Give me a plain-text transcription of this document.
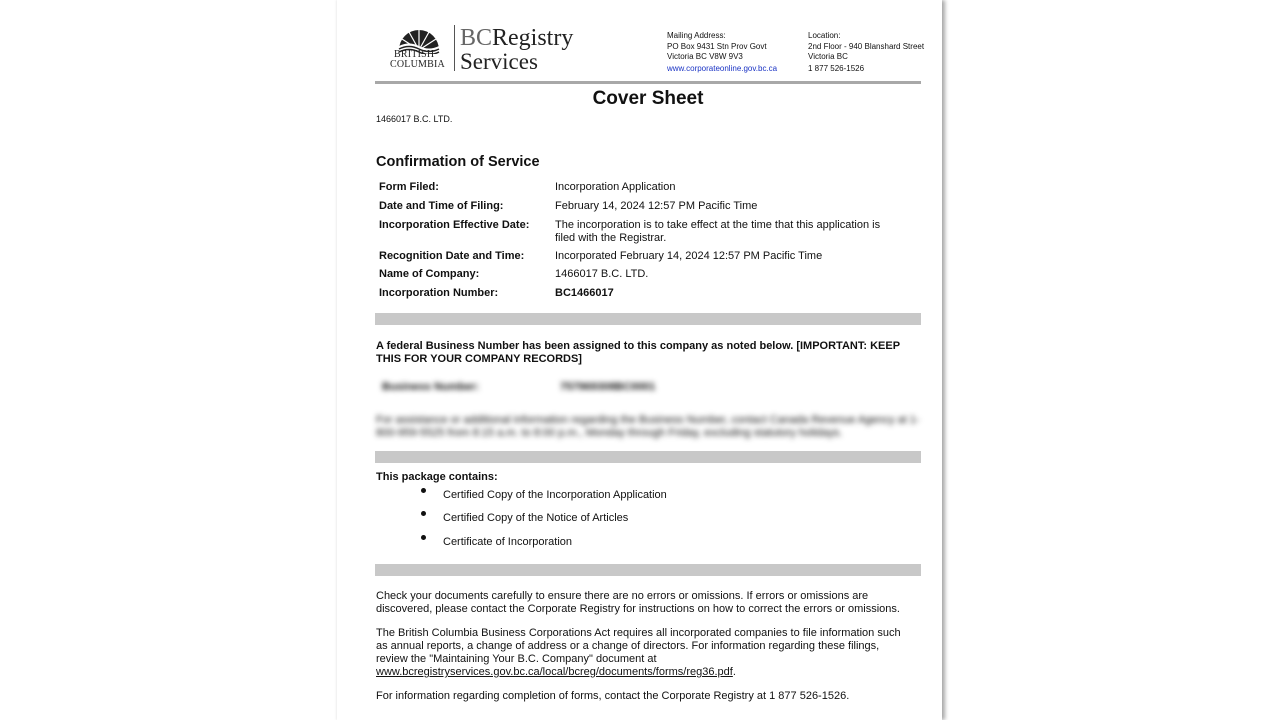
BRITISH
COLUMBIA
BCRegistry
Services
Mailing Address:
PO Box 9431 Stn Prov Govt
Victoria BC V8W 9V3
www.corporateonline.gov.bc.ca
Location:
2nd Floor - 940 Blanshard Street
Victoria BC
1 877 526-1526
Cover Sheet
1466017 B.C. LTD.
Confirmation of Service
Form Filed:	Incorporation Application
Date and Time of Filing:	February 14, 2024 12:57 PM Pacific Time
Incorporation Effective Date:	The incorporation is to take effect at the time that this application is filed with the Registrar.
Recognition Date and Time:	Incorporated February 14, 2024 12:57 PM Pacific Time
Name of Company:	1466017 B.C. LTD.
Incorporation Number:	BC1466017
A federal Business Number has been assigned to this company as noted below. [IMPORTANT: KEEP THIS FOR YOUR COMPANY RECORDS]
Business Number:	757969308BC0001
For assistance or additional information regarding the Business Number, contact Canada Revenue Agency at 1-800-959-5525 from 8:15 a.m. to 8:00 p.m., Monday through Friday, excluding statutory holidays.
This package contains:
Certified Copy of the Incorporation Application
Certified Copy of the Notice of Articles
Certificate of Incorporation
Check your documents carefully to ensure there are no errors or omissions. If errors or omissions are discovered, please contact the Corporate Registry for instructions on how to correct the errors or omissions.
The British Columbia Business Corporations Act requires all incorporated companies to file information such as annual reports, a change of address or a change of directors. For information regarding these filings, review the "Maintaining Your B.C. Company" document at www.bcregistryservices.gov.bc.ca/local/bcreg/documents/forms/reg36.pdf.
For information regarding completion of forms, contact the Corporate Registry at 1 877 526-1526.
